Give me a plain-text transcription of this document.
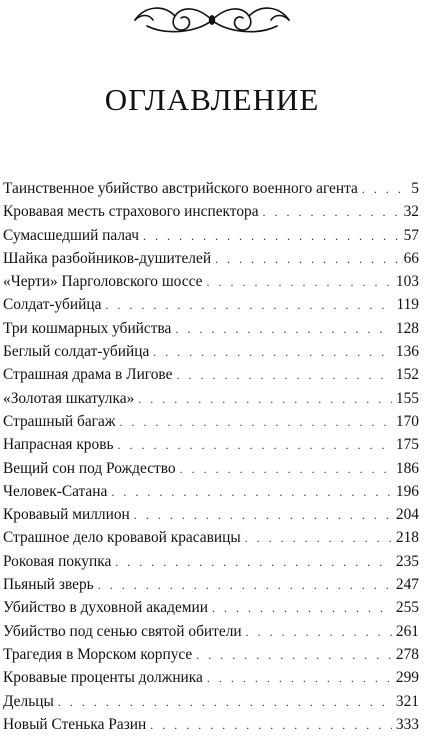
ОГЛАВЛЕНИЕ
Таинственное убийство австрийского военного агента . . .	5
Кровавая месть страхового инспектора . . .	32
Сумасшедший палач . . .	57
Шайка разбойников-душителей . . .	66
«Черти» Парголовского шоссе . . .	103
Солдат-убийца . . .	119
Три кошмарных убийства . . .	128
Беглый солдат-убийца . . .	136
Страшная драма в Лигове . . .	152
«Золотая шкатулка» . . .	155
Страшный багаж . . .	170
Напрасная кровь . . .	175
Вещий сон под Рождество . . .	186
Человек-Сатана . . .	196
Кровавый миллион . . .	204
Страшное дело кровавой красавицы . . .	218
Роковая покупка . . .	235
Пьяный зверь . . .	247
Убийство в духовной академии . . .	255
Убийство под сенью святой обители . . .	261
Трагедия в Морском корпусе . . .	278
Кровавые проценты должника . . .	299
Дельцы . . .	321
Новый Стенька Разин . . .	333
